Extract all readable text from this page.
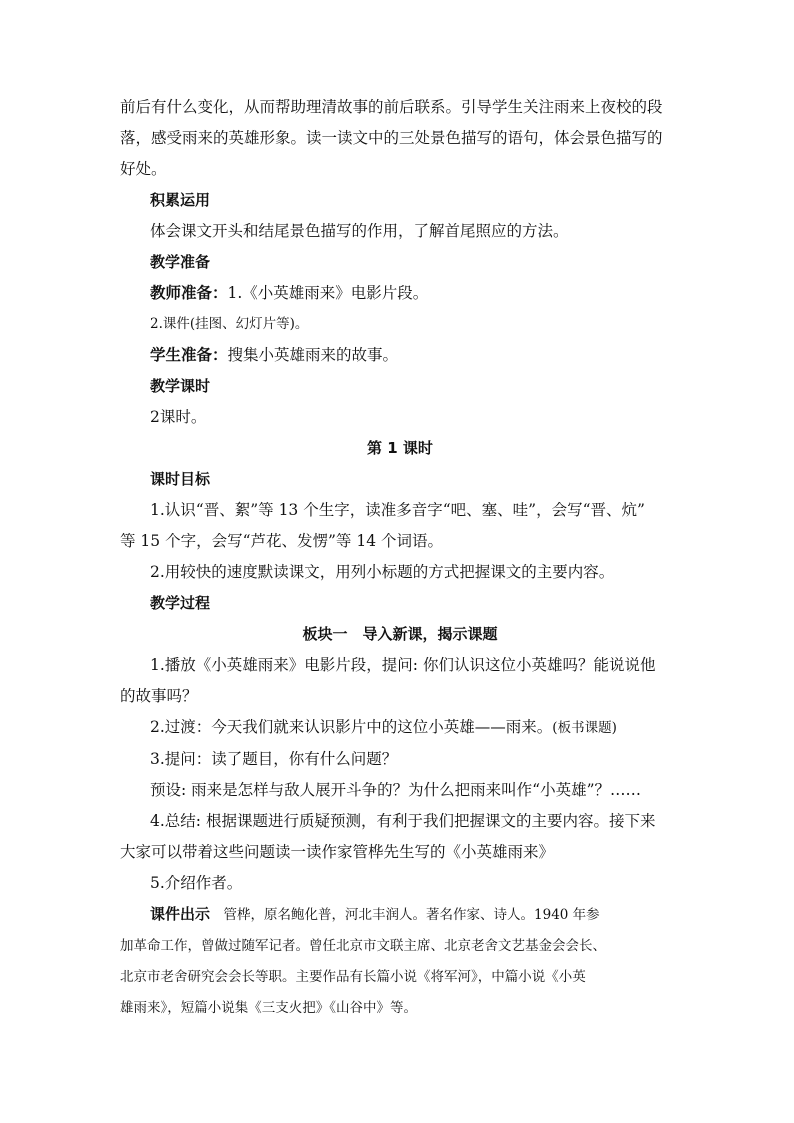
前后有什么变化，从而帮助理清故事的前后联系。引导学生关注雨来上夜校的段
落，感受雨来的英雄形象。读一读文中的三处景色描写的语句，体会景色描写的
好处。
积累运用
体会课文开头和结尾景色描写的作用，了解首尾照应的方法。
教学准备
教师准备：1.《小英雄雨来》电影片段。
2.课件(挂图、幻灯片等)。
学生准备：搜集小英雄雨来的故事。
教学课时
2课时。
第 1 课时
课时目标
1.认识“晋、絮”等 13 个生字，读准多音字“吧、塞、哇”，会写“晋、炕”
等 15 个字，会写“芦花、发愣”等 14 个词语。
2.用较快的速度默读课文，用列小标题的方式把握课文的主要内容。
教学过程
板块一　导入新课，揭示课题
1.播放《小英雄雨来》电影片段，提问: 你们认识这位小英雄吗？能说说他
的故事吗？
2.过渡：今天我们就来认识影片中的这位小英雄——雨来。(板书课题)
3.提问：读了题目，你有什么问题？
预设: 雨来是怎样与敌人展开斗争的？为什么把雨来叫作“小英雄”？……
4.总结: 根据课题进行质疑预测，有利于我们把握课文的主要内容。接下来
大家可以带着这些问题读一读作家管桦先生写的《小英雄雨来》
5.介绍作者。
课件出示　管桦，原名鲍化普，河北丰润人。著名作家、诗人。1940 年参
加革命工作，曾做过随军记者。曾任北京市文联主席、北京老舍文艺基金会会长、
北京市老舍研究会会长等职。主要作品有长篇小说《将军河》，中篇小说《小英
雄雨来》，短篇小说集《三支火把》《山谷中》等。
